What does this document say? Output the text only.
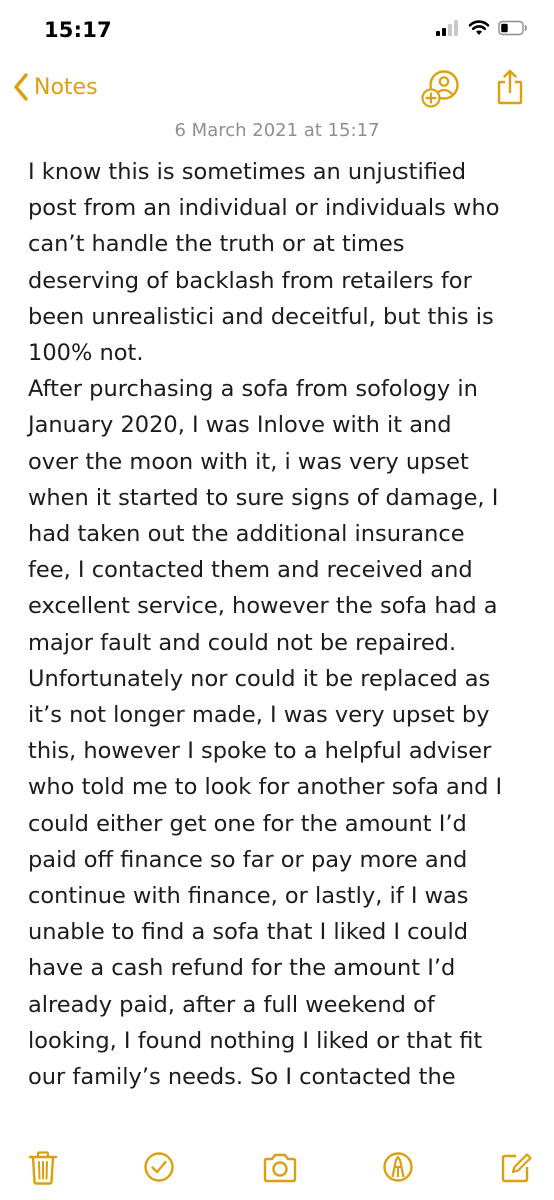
15:17
Notes
6 March 2021 at 15:17

I know this is sometimes an unjustified

post from an individual or individuals who

can’t handle the truth or at times

deserving of backlash from retailers for

been unrealistici and deceitful, but this is

100% not.

After purchasing a sofa from sofology in

January 2020, I was Inlove with it and

over the moon with it, i was very upset

when it started to sure signs of damage, I

had taken out the additional insurance

fee, I contacted them and received and

excellent service, however the sofa had a

major fault and could not be repaired.

Unfortunately nor could it be replaced as

it’s not longer made, I was very upset by

this, however I spoke to a helpful adviser

who told me to look for another sofa and I

could either get one for the amount I’d

paid off finance so far or pay more and

continue with finance, or lastly, if I was

unable to find a sofa that I liked I could

have a cash refund for the amount I’d

already paid, after a full weekend of

looking, I found nothing I liked or that fit

our family’s needs. So I contacted the
